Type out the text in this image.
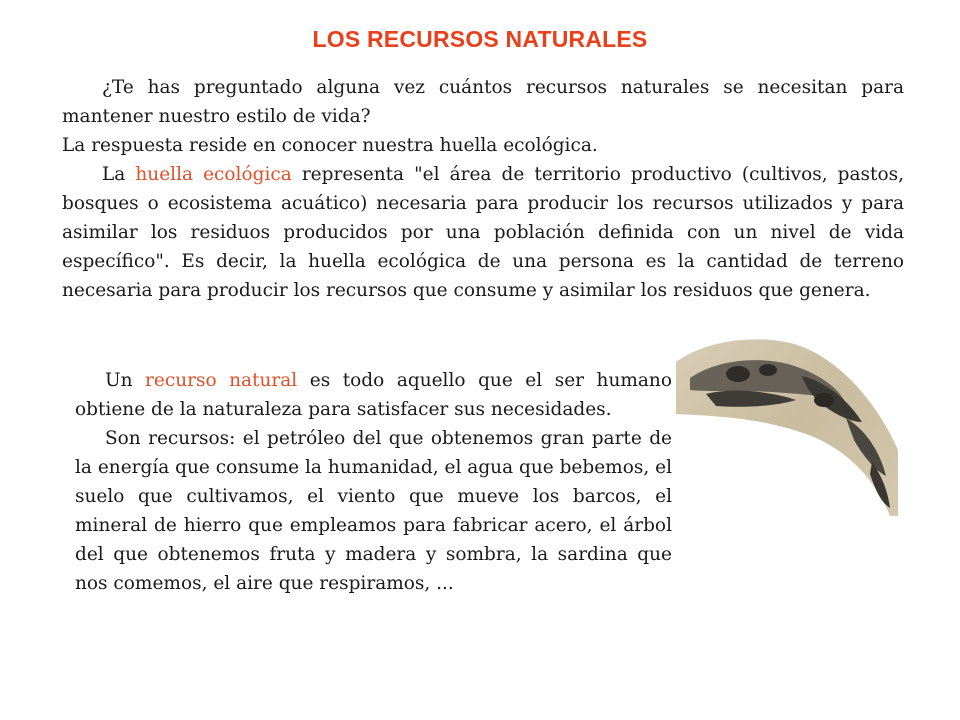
LOS RECURSOS NATURALES

¿Te has preguntado alguna vez cuántos recursos naturales se necesitan para mantener nuestro estilo de vida?

La respuesta reside en conocer nuestra huella ecológica.

La huella ecológica representa "el área de territorio productivo (cultivos, pastos, bosques o ecosistema acuático) necesaria para producir los recursos utilizados y para asimilar los residuos producidos por una población definida con un nivel de vida específico". Es decir, la huella ecológica de una persona es la cantidad de terreno necesaria para producir los recursos que consume y asimilar los residuos que genera.

Un recurso natural es todo aquello que el ser humano obtiene de la naturaleza para satisfacer sus necesidades.

Son recursos: el petróleo del que obtenemos gran parte de la energía que consume la humanidad, el agua que bebemos, el suelo que cultivamos, el viento que mueve los barcos, el mineral de hierro que empleamos para fabricar acero, el árbol del que obtenemos fruta y madera y sombra, la sardina que nos comemos, el aire que respiramos, ...
